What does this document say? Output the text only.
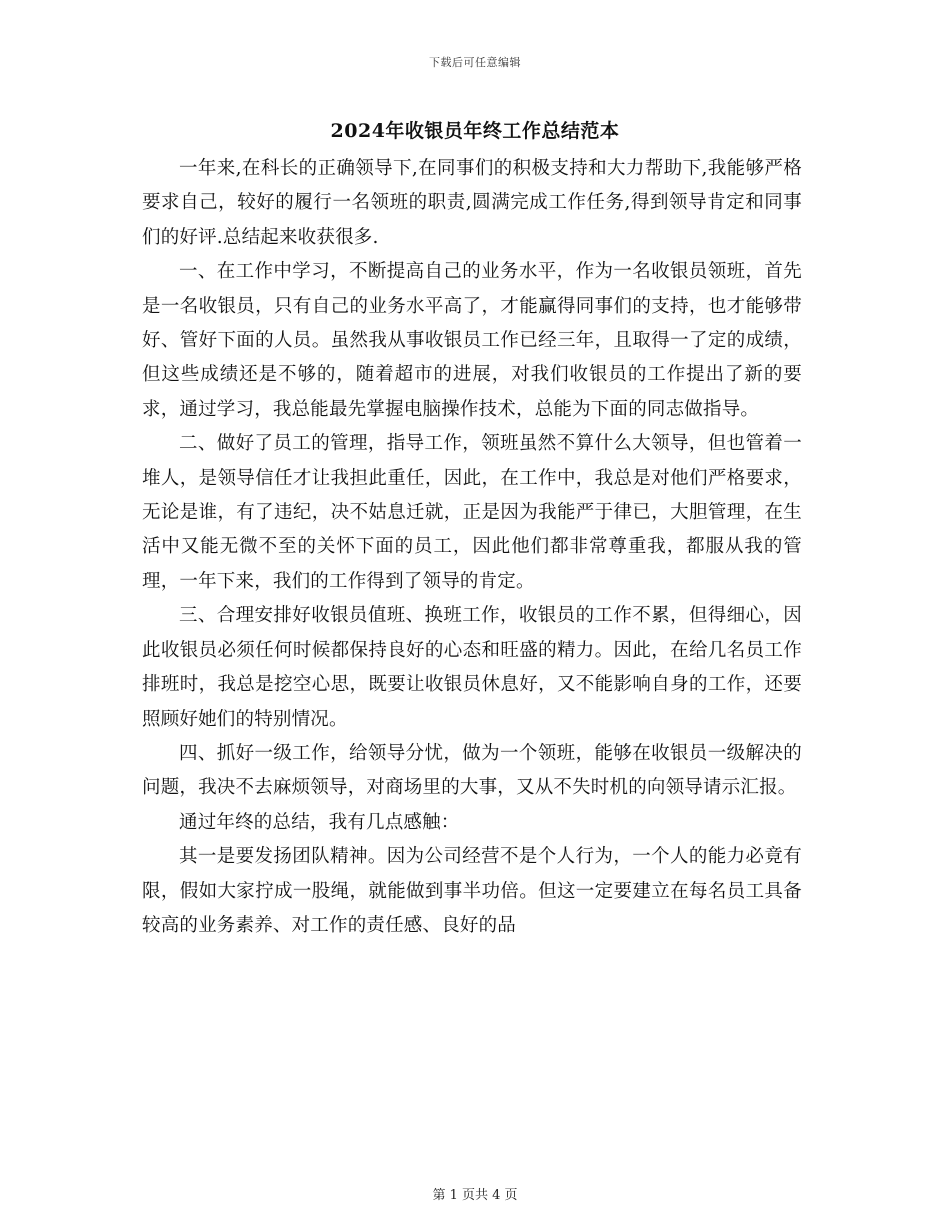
下载后可任意编辑
2024年收银员年终工作总结范本

一年来,在科长的正确领导下,在同事们的积极支持和大力帮助下,我能够严格要求自己，较好的履行一名领班的职责,圆满完成工作任务,得到领导肯定和同事们的好评.总结起来收获很多.

一、在工作中学习，不断提高自己的业务水平，作为一名收银员领班，首先是一名收银员，只有自己的业务水平高了，才能赢得同事们的支持，也才能够带好、管好下面的人员。虽然我从事收银员工作已经三年，且取得一了定的成绩，但这些成绩还是不够的，随着超市的进展，对我们收银员的工作提出了新的要求，通过学习，我总能最先掌握电脑操作技术，总能为下面的同志做指导。

二、做好了员工的管理，指导工作，领班虽然不算什么大领导，但也管着一堆人，是领导信任才让我担此重任，因此，在工作中，我总是对他们严格要求，无论是谁，有了违纪，决不姑息迁就，正是因为我能严于律已，大胆管理，在生活中又能无微不至的关怀下面的员工，因此他们都非常尊重我，都服从我的管理，一年下来，我们的工作得到了领导的肯定。

三、合理安排好收银员值班、换班工作，收银员的工作不累，但得细心，因此收银员必须任何时候都保持良好的心态和旺盛的精力。因此，在给几名员工作排班时，我总是挖空心思，既要让收银员休息好，又不能影响自身的工作，还要照顾好她们的特别情况。

四、抓好一级工作，给领导分忧，做为一个领班，能够在收银员一级解决的问题，我决不去麻烦领导，对商场里的大事，又从不失时机的向领导请示汇报。

通过年终的总结，我有几点感触：

其一是要发扬团队精神。因为公司经营不是个人行为，一个人的能力必竟有限，假如大家拧成一股绳，就能做到事半功倍。但这一定要建立在每名员工具备较高的业务素养、对工作的责任感、良好的品

第 1 页共 4 页
